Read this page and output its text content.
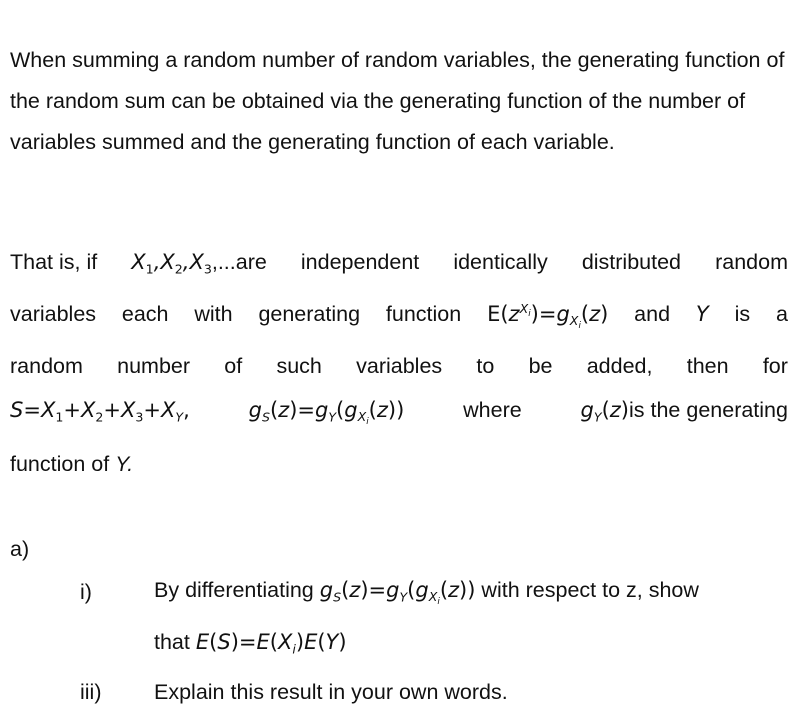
When summing a random number of random variables, the generating function of the random sum can be obtained via the generating function of the number of variables summed and the generating function of each variable.

That is, if $X_1,X_2,X_3,...are$ independent identically distributed random
variables each with generating function $E(z^{X_i})=g_{X_i}(z)$ and Y is a
random number of such variables to be added, then for
$S=X_1+X_2+X_3+X_Y$,	$g_S(z)=g_Y(g_{X_i}(z))$	where	$g_Y(z)is$ the generating
function of Y.
a)
i)	By differentiating $g_S(z)=g_Y(g_{X_i}(z))$ with respect to z, show
that $E(S)=E(X_i)E(Y)$
iii) Explain this result in your own words.
